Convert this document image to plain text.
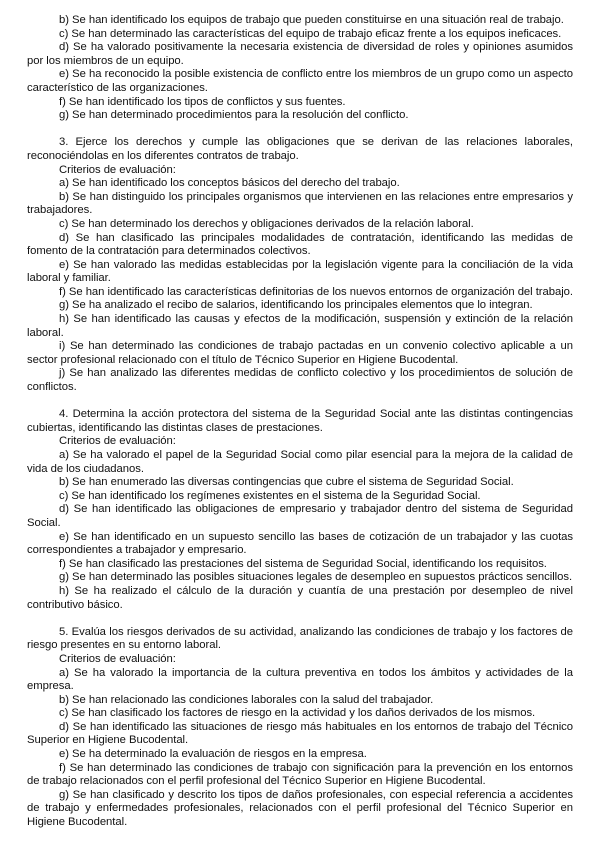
b) Se han identificado los equipos de trabajo que pueden constituirse en una situación real de trabajo.

c) Se han determinado las características del equipo de trabajo eficaz frente a los equipos ineficaces.

d) Se ha valorado positivamente la necesaria existencia de diversidad de roles y opiniones asumidos por los miembros de un equipo.

e) Se ha reconocido la posible existencia de conflicto entre los miembros de un grupo como un aspecto característico de las organizaciones.

f) Se han identificado los tipos de conflictos y sus fuentes.

g) Se han determinado procedimientos para la resolución del conflicto.

3. Ejerce los derechos y cumple las obligaciones que se derivan de las relaciones laborales, reconociéndolas en los diferentes contratos de trabajo.

Criterios de evaluación:

a) Se han identificado los conceptos básicos del derecho del trabajo.

b) Se han distinguido los principales organismos que intervienen en las relaciones entre empresarios y trabajadores.

c) Se han determinado los derechos y obligaciones derivados de la relación laboral.

d) Se han clasificado las principales modalidades de contratación, identificando las medidas de fomento de la contratación para determinados colectivos.

e) Se han valorado las medidas establecidas por la legislación vigente para la conciliación de la vida laboral y familiar.

f) Se han identificado las características definitorias de los nuevos entornos de organización del trabajo.

g) Se ha analizado el recibo de salarios, identificando los principales elementos que lo integran.

h) Se han identificado las causas y efectos de la modificación, suspensión y extinción de la relación laboral.

i) Se han determinado las condiciones de trabajo pactadas en un convenio colectivo aplicable a un sector profesional relacionado con el título de Técnico Superior en Higiene Bucodental.

j) Se han analizado las diferentes medidas de conflicto colectivo y los procedimientos de solución de conflictos.

4. Determina la acción protectora del sistema de la Seguridad Social ante las distintas contingencias cubiertas, identificando las distintas clases de prestaciones.

Criterios de evaluación:

a) Se ha valorado el papel de la Seguridad Social como pilar esencial para la mejora de la calidad de vida de los ciudadanos.

b) Se han enumerado las diversas contingencias que cubre el sistema de Seguridad Social.

c) Se han identificado los regímenes existentes en el sistema de la Seguridad Social.

d) Se han identificado las obligaciones de empresario y trabajador dentro del sistema de Seguridad Social.

e) Se han identificado en un supuesto sencillo las bases de cotización de un trabajador y las cuotas correspondientes a trabajador y empresario.

f) Se han clasificado las prestaciones del sistema de Seguridad Social, identificando los requisitos.

g) Se han determinado las posibles situaciones legales de desempleo en supuestos prácticos sencillos.

h) Se ha realizado el cálculo de la duración y cuantía de una prestación por desempleo de nivel contributivo básico.

5. Evalúa los riesgos derivados de su actividad, analizando las condiciones de trabajo y los factores de riesgo presentes en su entorno laboral.

Criterios de evaluación:

a) Se ha valorado la importancia de la cultura preventiva en todos los ámbitos y actividades de la empresa.

b) Se han relacionado las condiciones laborales con la salud del trabajador.

c) Se han clasificado los factores de riesgo en la actividad y los daños derivados de los mismos.

d) Se han identificado las situaciones de riesgo más habituales en los entornos de trabajo del Técnico Superior en Higiene Bucodental.

e) Se ha determinado la evaluación de riesgos en la empresa.

f) Se han determinado las condiciones de trabajo con significación para la prevención en los entornos de trabajo relacionados con el perfil profesional del Técnico Superior en Higiene Bucodental.

g) Se han clasificado y descrito los tipos de daños profesionales, con especial referencia a accidentes de trabajo y enfermedades profesionales, relacionados con el perfil profesional del Técnico Superior en Higiene Bucodental.
